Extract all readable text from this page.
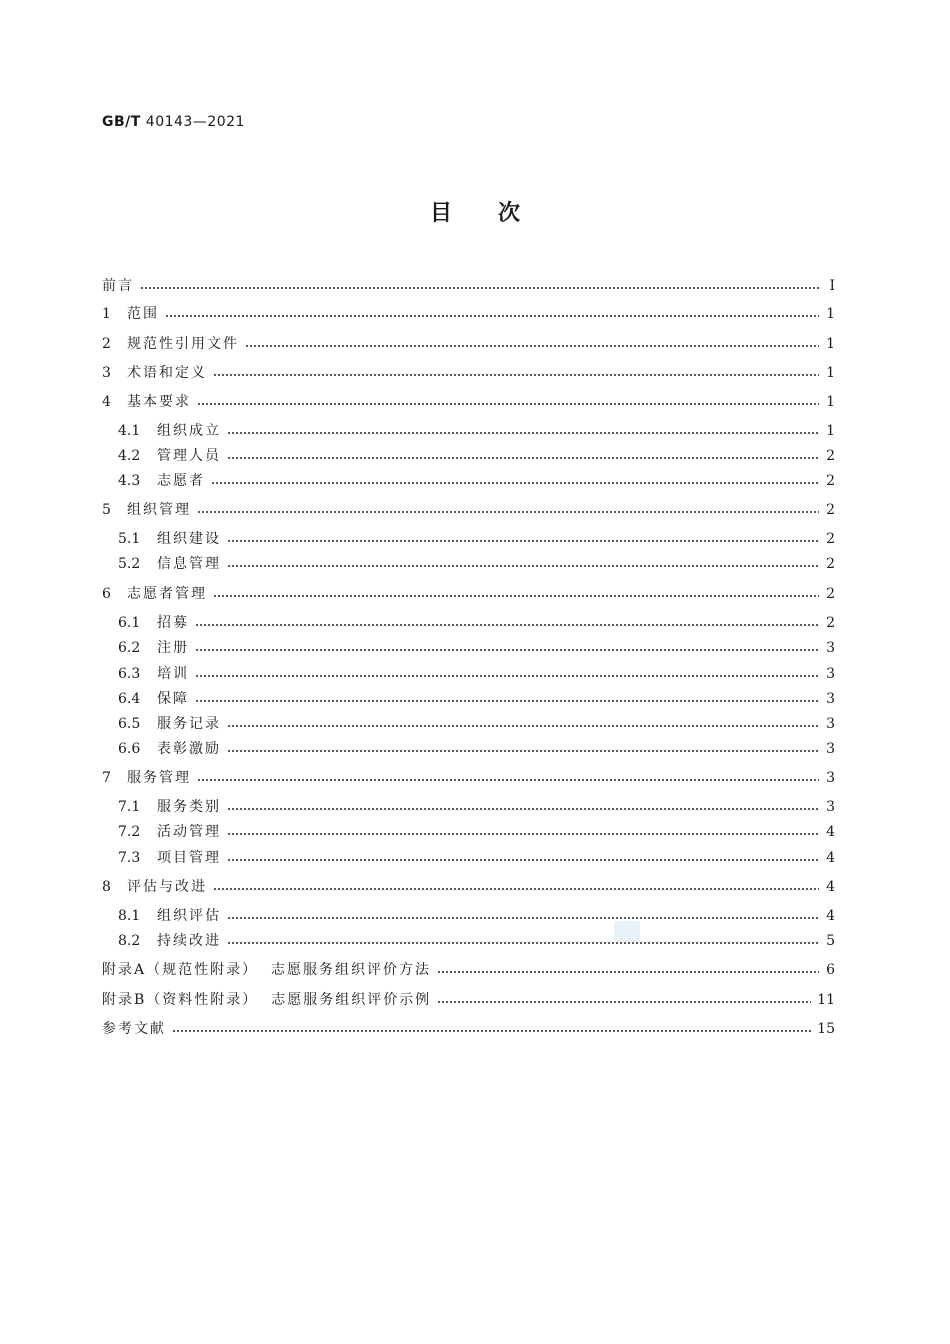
GB/T 40143—2021
目次
前言	Ⅰ
1	范围	1
2	规范性引用文件	1
3	术语和定义	1
4	基本要求	1
4.1	组织成立	1
4.2	管理人员	2
4.3	志愿者	2
5	组织管理	2
5.1	组织建设	2
5.2	信息管理	2
6	志愿者管理	2
6.1	招募	2
6.2	注册	3
6.3	培训	3
6.4	保障	3
6.5	服务记录	3
6.6	表彰激励	3
7	服务管理	3
7.1	服务类别	3
7.2	活动管理	4
7.3	项目管理	4
8	评估与改进	4
8.1	组织评估	4
8.2	持续改进	5
附录A（规范性附录）  志愿服务组织评价方法	6
附录B（资料性附录）  志愿服务组织评价示例	11
参考文献	15
